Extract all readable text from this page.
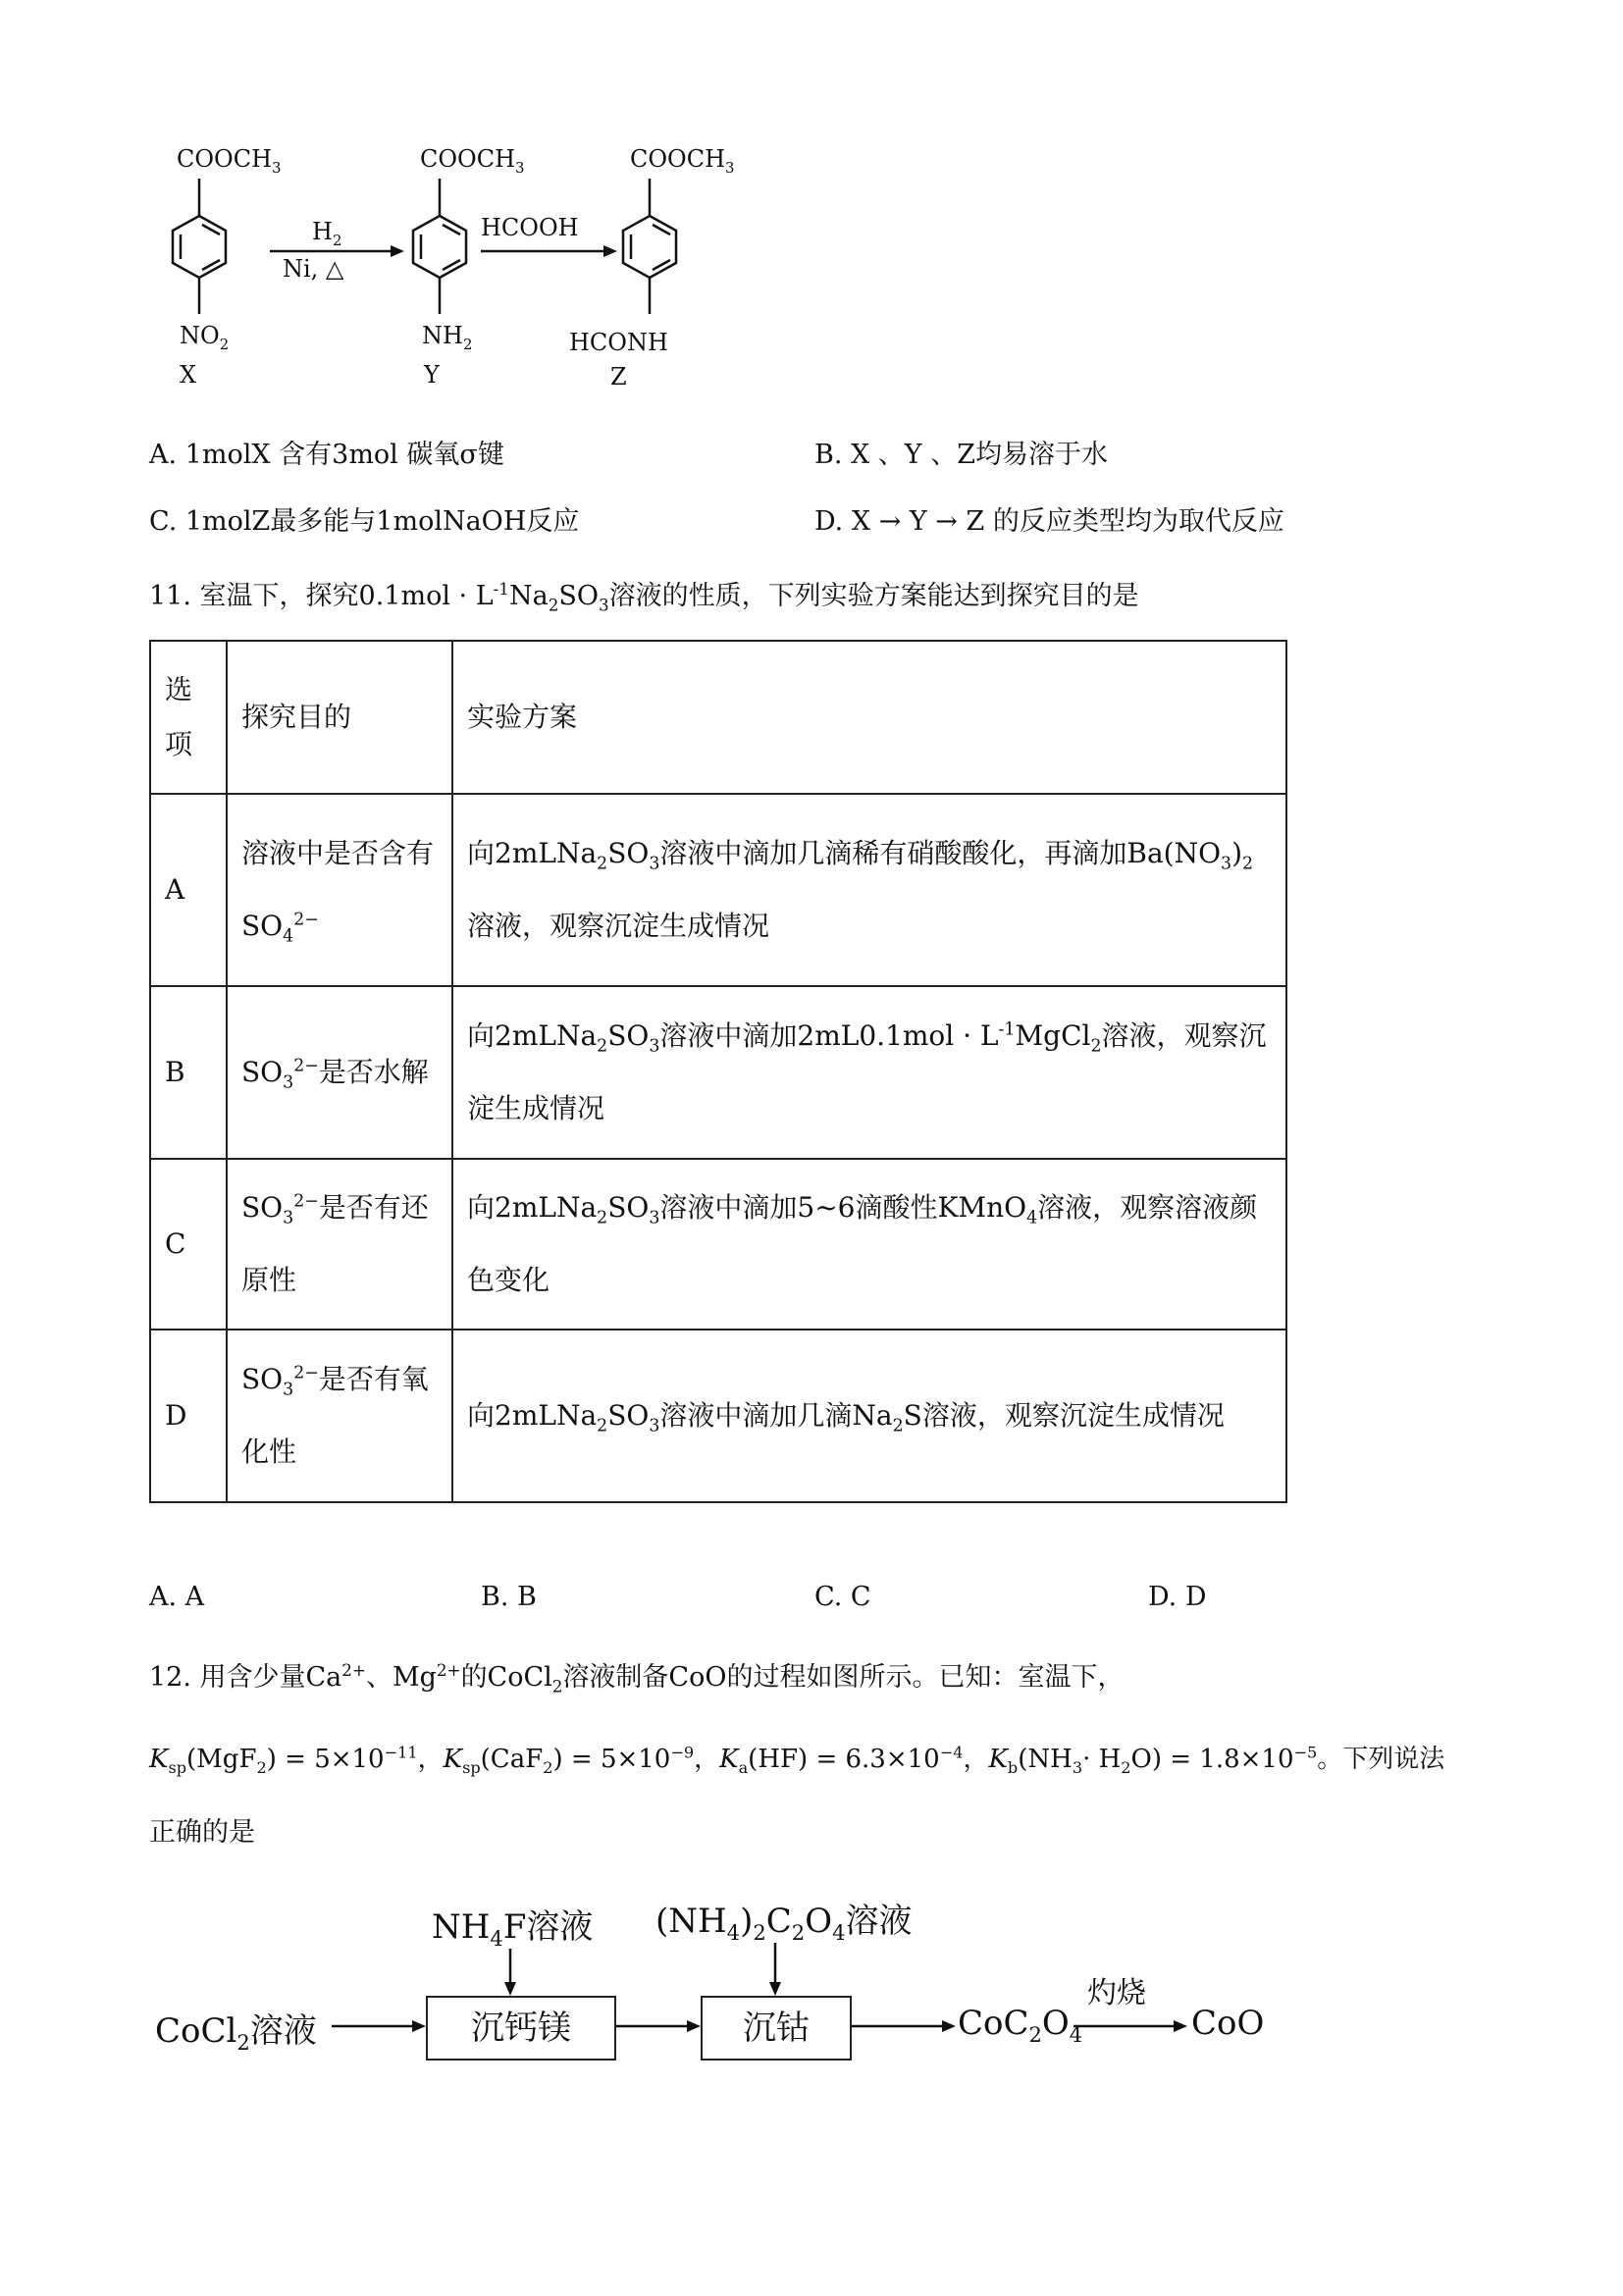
$COOCH_3$
$NO_2$
X
$H_2$
Ni, △
$COOCH_3$
$NH_2$
Y
HCOOH
$COOCH_3$
HCONH
Z
A. 1molX 含有3mol 碳氧σ键	B. X 、Y 、Z均易溶于水
C. 1molZ最多能与1molNaOH反应	D. X → Y → Z 的反应类型均为取代反应
11. 室温下，探究$0.1mol \cdot L^{-1}Na_2SO_3$溶液的性质，下列实验方案能达到探究目的是
选项	探究目的	实验方案
A	溶液中是否含有$SO_4^{2-}$	向$2mLNa_2SO_3$溶液中滴加几滴稀有硝酸酸化，再滴加$Ba(NO_3)_2$溶液，观察沉淀生成情况
B	$SO_3^{2-}$是否水解	向$2mLNa_2SO_3$溶液中滴加$2mL0.1mol \cdot L^{-1}MgCl_2$溶液，观察沉淀生成情况
C	$SO_3^{2-}$是否有还原性	向$2mLNa_2SO_3$溶液中滴加5~6滴酸性KMnO$_4$溶液，观察溶液颜色变化
D	$SO_3^{2-}$是否有氧化性	向$2mLNa_2SO_3$溶液中滴加几滴$Na_2S$溶液，观察沉淀生成情况
A. A	B. B	C. C	D. D
12. 用含少量$Ca^{2+}$、$Mg^{2+}$的CoCl$_2$溶液制备CoO的过程如图所示。已知：室温下，
$K_{sp}(MgF_2) = 5\times 10^{-11}$，$K_{sp}(CaF_2) = 5\times 10^{-9}$，$K_a(HF) = 6.3\times 10^{-4}$，$K_b(NH_3\cdot H_2O) = 1.8\times 10^{-5}$。下列说法
正确的是
CoCl$_2$溶液
$NH_4F$溶液
沉钙镁
$(NH_4)_2C_2O_4$溶液
沉钴	$CoC_2O_4$
灼烧
CoO
